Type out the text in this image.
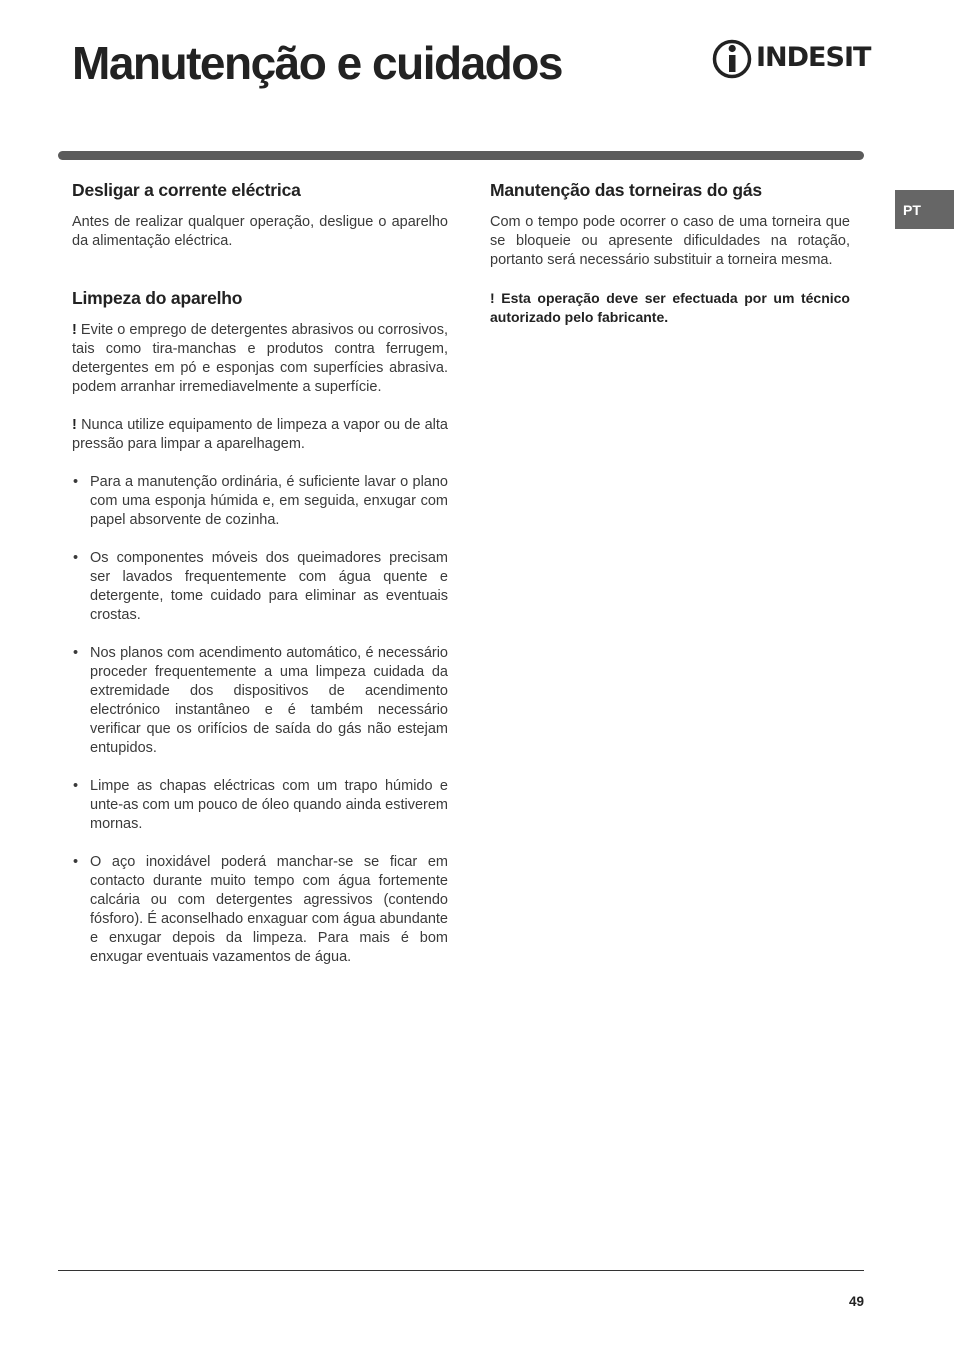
Manutenção e cuidados	INDESIT
PT
Desligar a corrente eléctrica

Antes de realizar qualquer operação, desligue o aparelho da alimentação eléctrica.

Limpeza do aparelho

! Evite o emprego de detergentes abrasivos ou corrosivos, tais como tira-manchas e produtos contra ferrugem, detergentes em pó e esponjas com superfícies abrasiva. podem arranhar irremediavelmente a superfície.

! Nunca utilize equipamento de limpeza a vapor ou de alta pressão para limpar a aparelhagem.

• Para a manutenção ordinária, é suficiente lavar o plano com uma esponja húmida e, em seguida, enxugar com papel absorvente de cozinha.
• Os componentes móveis dos queimadores precisam ser lavados frequentemente com água quente e detergente, tome cuidado para eliminar as eventuais crostas.
• Nos planos com acendimento automático, é necessário proceder frequentemente a uma limpeza cuidada da extremidade dos dispositivos de acendimento electrónico instantâneo e é também necessário verificar que os orifícios de saída do gás não estejam entupidos.
• Limpe as chapas eléctricas com um trapo húmido e unte-as com um pouco de óleo quando ainda estiverem mornas.
• O aço inoxidável poderá manchar-se se ficar em contacto durante muito tempo com água fortemente calcária ou com detergentes agressivos (contendo fósforo). É aconselhado enxaguar com água abundante e enxugar depois da limpeza. Para mais é bom enxugar eventuais vazamentos de água.
Manutenção das torneiras do gás

Com o tempo pode ocorrer o caso de uma torneira que se bloqueie ou apresente dificuldades na rotação, portanto será necessário substituir a torneira mesma.

! Esta operação deve ser efectuada por um técnico autorizado pelo fabricante.

49
